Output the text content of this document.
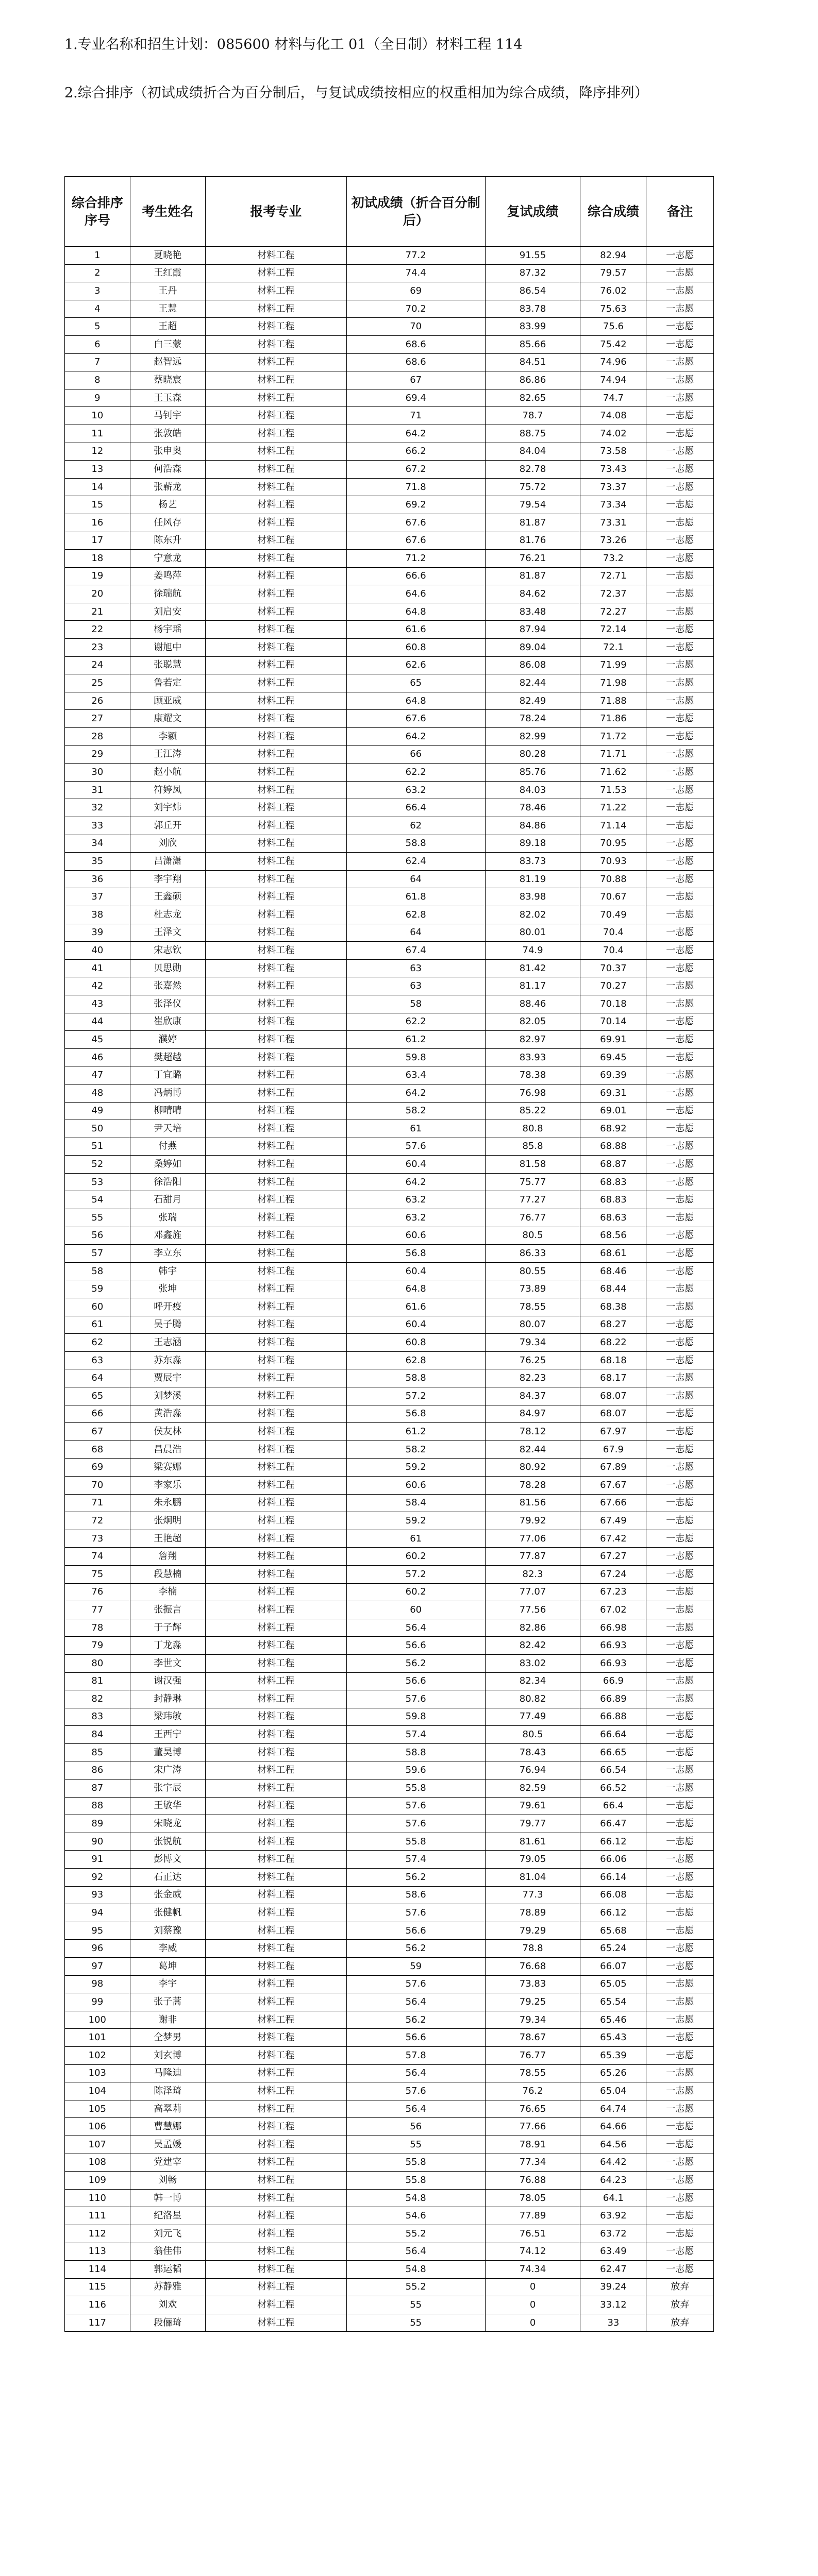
1.专业名称和招生计划：085600 材料与化工 01（全日制）材料工程 114
2.综合排序（初试成绩折合为百分制后，与复试成绩按相应的权重相加为综合成绩，降序排列）
综合排序序号	考生姓名	报考专业	初试成绩（折合百分制后）	复试成绩	综合成绩	备注
1	夏晓艳	材料工程	77.2	91.55	82.94	一志愿
2	王红霞	材料工程	74.4	87.32	79.57	一志愿
3	王丹	材料工程	69	86.54	76.02	一志愿
4	王慧	材料工程	70.2	83.78	75.63	一志愿
5	王超	材料工程	70	83.99	75.6	一志愿
6	白三蒙	材料工程	68.6	85.66	75.42	一志愿
7	赵智远	材料工程	68.6	84.51	74.96	一志愿
8	蔡晓宸	材料工程	67	86.86	74.94	一志愿
9	王玉森	材料工程	69.4	82.65	74.7	一志愿
10	马钊宇	材料工程	71	78.7	74.08	一志愿
11	张敦皓	材料工程	64.2	88.75	74.02	一志愿
12	张申奥	材料工程	66.2	84.04	73.58	一志愿
13	何浩森	材料工程	67.2	82.78	73.43	一志愿
14	张蕲龙	材料工程	71.8	75.72	73.37	一志愿
15	杨艺	材料工程	69.2	79.54	73.34	一志愿
16	任风存	材料工程	67.6	81.87	73.31	一志愿
17	陈东升	材料工程	67.6	81.76	73.26	一志愿
18	宁意龙	材料工程	71.2	76.21	73.2	一志愿
19	姜鸣萍	材料工程	66.6	81.87	72.71	一志愿
20	徐瑞航	材料工程	64.6	84.62	72.37	一志愿
21	刘启安	材料工程	64.8	83.48	72.27	一志愿
22	杨宇瑶	材料工程	61.6	87.94	72.14	一志愿
23	谢旭中	材料工程	60.8	89.04	72.1	一志愿
24	张聪慧	材料工程	62.6	86.08	71.99	一志愿
25	鲁若定	材料工程	65	82.44	71.98	一志愿
26	顾亚威	材料工程	64.8	82.49	71.88	一志愿
27	康耀文	材料工程	67.6	78.24	71.86	一志愿
28	李颖	材料工程	64.2	82.99	71.72	一志愿
29	王江涛	材料工程	66	80.28	71.71	一志愿
30	赵小航	材料工程	62.2	85.76	71.62	一志愿
31	符婷凤	材料工程	63.2	84.03	71.53	一志愿
32	刘宇炜	材料工程	66.4	78.46	71.22	一志愿
33	郭丘开	材料工程	62	84.86	71.14	一志愿
34	刘欣	材料工程	58.8	89.18	70.95	一志愿
35	吕潇潇	材料工程	62.4	83.73	70.93	一志愿
36	李宇翔	材料工程	64	81.19	70.88	一志愿
37	王鑫硕	材料工程	61.8	83.98	70.67	一志愿
38	杜志龙	材料工程	62.8	82.02	70.49	一志愿
39	王泽文	材料工程	64	80.01	70.4	一志愿
40	宋志钦	材料工程	67.4	74.9	70.4	一志愿
41	贝思勋	材料工程	63	81.42	70.37	一志愿
42	张嘉然	材料工程	63	81.17	70.27	一志愿
43	张泽仪	材料工程	58	88.46	70.18	一志愿
44	崔欣康	材料工程	62.2	82.05	70.14	一志愿
45	濮婷	材料工程	61.2	82.97	69.91	一志愿
46	樊超越	材料工程	59.8	83.93	69.45	一志愿
47	丁宜璐	材料工程	63.4	78.38	69.39	一志愿
48	冯炳博	材料工程	64.2	76.98	69.31	一志愿
49	柳晴晴	材料工程	58.2	85.22	69.01	一志愿
50	尹天培	材料工程	61	80.8	68.92	一志愿
51	付燕	材料工程	57.6	85.8	68.88	一志愿
52	桑婷如	材料工程	60.4	81.58	68.87	一志愿
53	徐浩阳	材料工程	64.2	75.77	68.83	一志愿
54	石甜月	材料工程	63.2	77.27	68.83	一志愿
55	张瑞	材料工程	63.2	76.77	68.63	一志愿
56	邓鑫旌	材料工程	60.6	80.5	68.56	一志愿
57	李立东	材料工程	56.8	86.33	68.61	一志愿
58	韩宇	材料工程	60.4	80.55	68.46	一志愿
59	张坤	材料工程	64.8	73.89	68.44	一志愿
60	呼开疫	材料工程	61.6	78.55	68.38	一志愿
61	吴子腾	材料工程	60.4	80.07	68.27	一志愿
62	王志涵	材料工程	60.8	79.34	68.22	一志愿
63	苏东淼	材料工程	62.8	76.25	68.18	一志愿
64	贾辰宇	材料工程	58.8	82.23	68.17	一志愿
65	刘梦溪	材料工程	57.2	84.37	68.07	一志愿
66	黄浩淼	材料工程	56.8	84.97	68.07	一志愿
67	侯友林	材料工程	61.2	78.12	67.97	一志愿
68	昌晨浩	材料工程	58.2	82.44	67.9	一志愿
69	梁赛娜	材料工程	59.2	80.92	67.89	一志愿
70	李家乐	材料工程	60.6	78.28	67.67	一志愿
71	朱永鹏	材料工程	58.4	81.56	67.66	一志愿
72	张炯明	材料工程	59.2	79.92	67.49	一志愿
73	王艳超	材料工程	61	77.06	67.42	一志愿
74	詹翔	材料工程	60.2	77.87	67.27	一志愿
75	段慧楠	材料工程	57.2	82.3	67.24	一志愿
76	李楠	材料工程	60.2	77.07	67.23	一志愿
77	张振言	材料工程	60	77.56	67.02	一志愿
78	于子辉	材料工程	56.4	82.86	66.98	一志愿
79	丁龙淼	材料工程	56.6	82.42	66.93	一志愿
80	李世文	材料工程	56.2	83.02	66.93	一志愿
81	谢汉强	材料工程	56.6	82.34	66.9	一志愿
82	封静琳	材料工程	57.6	80.82	66.89	一志愿
83	梁玮敏	材料工程	59.8	77.49	66.88	一志愿
84	王西宁	材料工程	57.4	80.5	66.64	一志愿
85	董昊博	材料工程	58.8	78.43	66.65	一志愿
86	宋广涛	材料工程	59.6	76.94	66.54	一志愿
87	张宇辰	材料工程	55.8	82.59	66.52	一志愿
88	王敏华	材料工程	57.6	79.61	66.4	一志愿
89	宋晓龙	材料工程	57.6	79.77	66.47	一志愿
90	张锐航	材料工程	55.8	81.61	66.12	一志愿
91	彭博文	材料工程	57.4	79.05	66.06	一志愿
92	石正达	材料工程	56.2	81.04	66.14	一志愿
93	张金威	材料工程	58.6	77.3	66.08	一志愿
94	张健帆	材料工程	57.6	78.89	66.12	一志愿
95	刘蔡豫	材料工程	56.6	79.29	65.68	一志愿
96	李威	材料工程	56.2	78.8	65.24	一志愿
97	葛坤	材料工程	59	76.68	66.07	一志愿
98	李宇	材料工程	57.6	73.83	65.05	一志愿
99	张子蒿	材料工程	56.4	79.25	65.54	一志愿
100	谢非	材料工程	56.2	79.34	65.46	一志愿
101	仝梦男	材料工程	56.6	78.67	65.43	一志愿
102	刘玄博	材料工程	57.8	76.77	65.39	一志愿
103	马隆迪	材料工程	56.4	78.55	65.26	一志愿
104	陈泽琦	材料工程	57.6	76.2	65.04	一志愿
105	高翠莉	材料工程	56.4	76.65	64.74	一志愿
106	曹慧娜	材料工程	56	77.66	64.66	一志愿
107	吴孟媛	材料工程	55	78.91	64.56	一志愿
108	党建宰	材料工程	55.8	77.34	64.42	一志愿
109	刘畅	材料工程	55.8	76.88	64.23	一志愿
110	韩一博	材料工程	54.8	78.05	64.1	一志愿
111	纪洛星	材料工程	54.6	77.89	63.92	一志愿
112	刘元飞	材料工程	55.2	76.51	63.72	一志愿
113	翁佳伟	材料工程	56.4	74.12	63.49	一志愿
114	郭运韬	材料工程	54.8	74.34	62.47	一志愿
115	苏静雅	材料工程	55.2	0	39.24	放弃
116	刘欢	材料工程	55	0	33.12	放弃
117	段俪琦	材料工程	55	0	33	放弃
